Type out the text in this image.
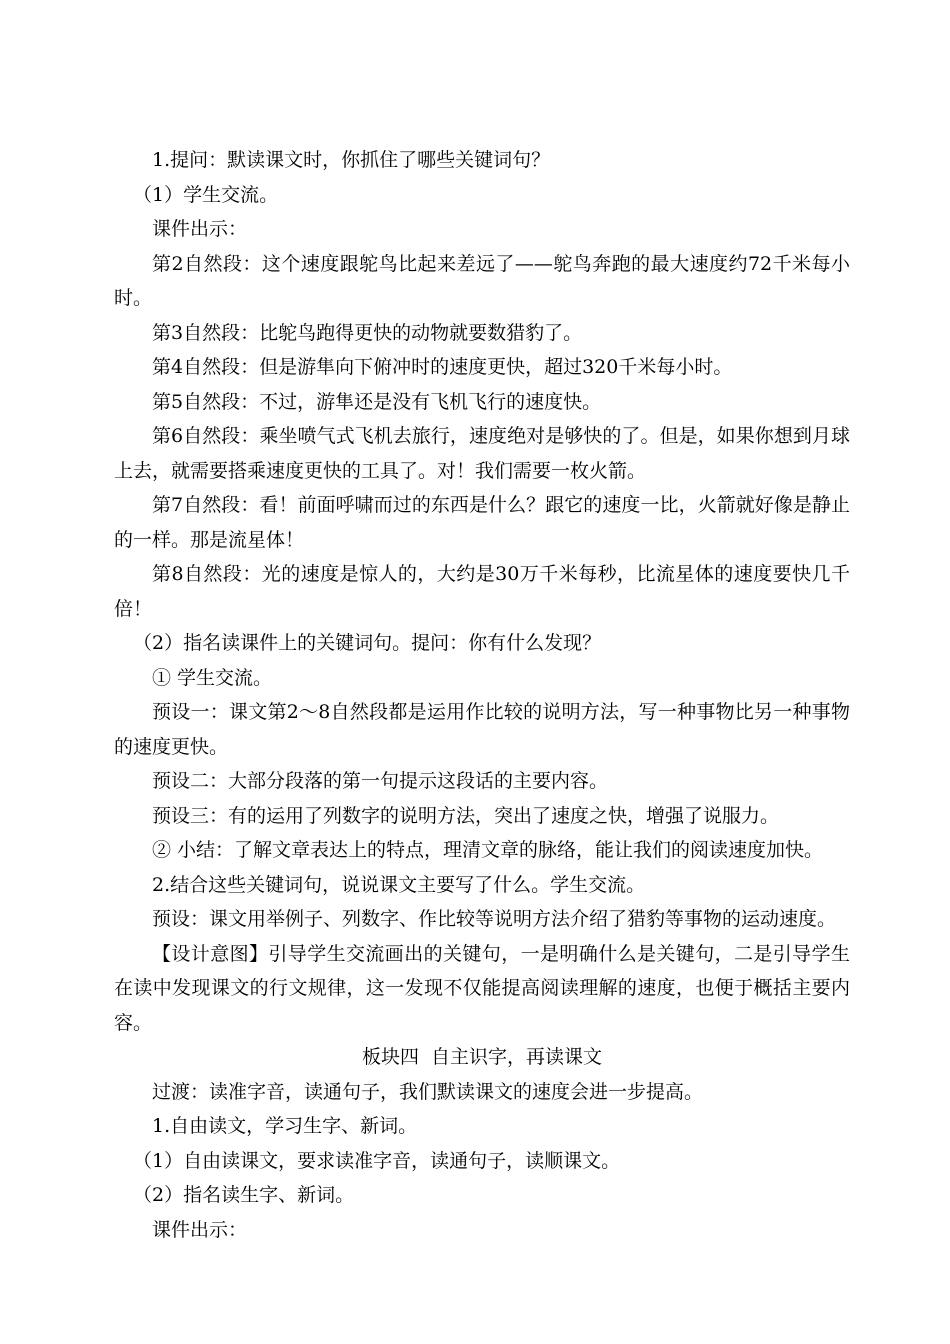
1.提问：默读课文时，你抓住了哪些关键词句？

（1）学生交流。

课件出示：

第2自然段：这个速度跟鸵鸟比起来差远了——鸵鸟奔跑的最大速度约72千米每小时。

第3自然段：比鸵鸟跑得更快的动物就要数猎豹了。

第4自然段：但是游隼向下俯冲时的速度更快，超过320千米每小时。

第5自然段：不过，游隼还是没有飞机飞行的速度快。

第6自然段：乘坐喷气式飞机去旅行，速度绝对是够快的了。但是，如果你想到月球上去，就需要搭乘速度更快的工具了。对！我们需要一枚火箭。

第7自然段：看！前面呼啸而过的东西是什么？跟它的速度一比，火箭就好像是静止的一样。那是流星体！

第8自然段：光的速度是惊人的，大约是30万千米每秒，比流星体的速度要快几千倍！

（2）指名读课件上的关键词句。提问：你有什么发现？

① 学生交流。

预设一：课文第2～8自然段都是运用作比较的说明方法，写一种事物比另一种事物的速度更快。

预设二：大部分段落的第一句提示这段话的主要内容。

预设三：有的运用了列数字的说明方法，突出了速度之快，增强了说服力。

② 小结：了解文章表达上的特点，理清文章的脉络，能让我们的阅读速度加快。

2.结合这些关键词句，说说课文主要写了什么。学生交流。

预设：课文用举例子、列数字、作比较等说明方法介绍了猎豹等事物的运动速度。

【设计意图】引导学生交流画出的关键句，一是明确什么是关键句，二是引导学生在读中发现课文的行文规律，这一发现不仅能提高阅读理解的速度，也便于概括主要内容。

板块四  自主识字，再读课文

过渡：读准字音，读通句子，我们默读课文的速度会进一步提高。

1.自由读文，学习生字、新词。

（1）自由读课文，要求读准字音，读通句子，读顺课文。

（2）指名读生字、新词。

课件出示：
